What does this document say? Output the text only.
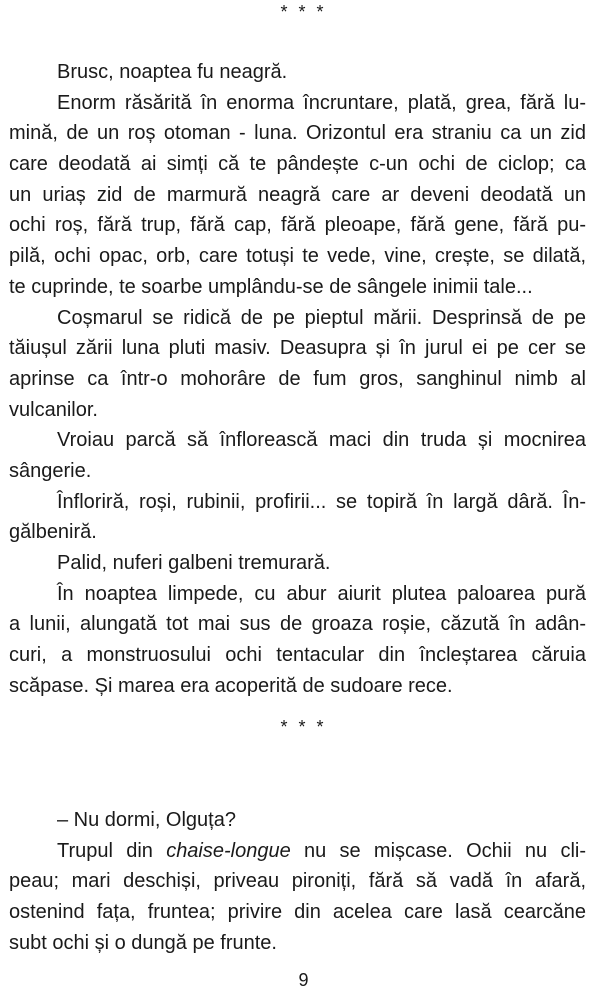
* * *
Brusc, noaptea fu neagră.
Enorm răsărită în enorma încruntare, plată, grea, fără lu-
mină, de un roș otoman - luna. Orizontul era straniu ca un zid
care deodată ai simți că te pândește c-un ochi de ciclop; ca
un uriaș zid de marmură neagră care ar deveni deodată un
ochi roș, fără trup, fără cap, fără pleoape, fără gene, fără pu-
pilă, ochi opac, orb, care totuși te vede, vine, crește, se dilată,
te cuprinde, te soarbe umplându-se de sângele inimii tale...
Coșmarul se ridică de pe pieptul mării. Desprinsă de pe
tăiușul zării luna pluti masiv. Deasupra și în jurul ei pe cer se
aprinse ca într-o mohorâre de fum gros, sanghinul nimb al
vulcanilor.
Vroiau parcă să înflorească maci din truda și mocnirea
sângerie.
Înfloriră, roși, rubinii, profirii... se topiră în largă dâră. În-
gălbeniră.
Palid, nuferi galbeni tremurară.
În noaptea limpede, cu abur aiurit plutea paloarea pură
a lunii, alungată tot mai sus de groaza roșie, căzută în adân-
curi, a monstruosului ochi tentacular din încleștarea căruia
scăpase. Și marea era acoperită de sudoare rece.
* * *
– Nu dormi, Olguța?
Trupul din chaise-longue nu se mișcase. Ochii nu cli-
peau; mari deschiși, priveau pironiți, fără să vadă în afară,
ostenind fața, fruntea; privire din acelea care lasă cearcăne
subt ochi și o dungă pe frunte.
9
